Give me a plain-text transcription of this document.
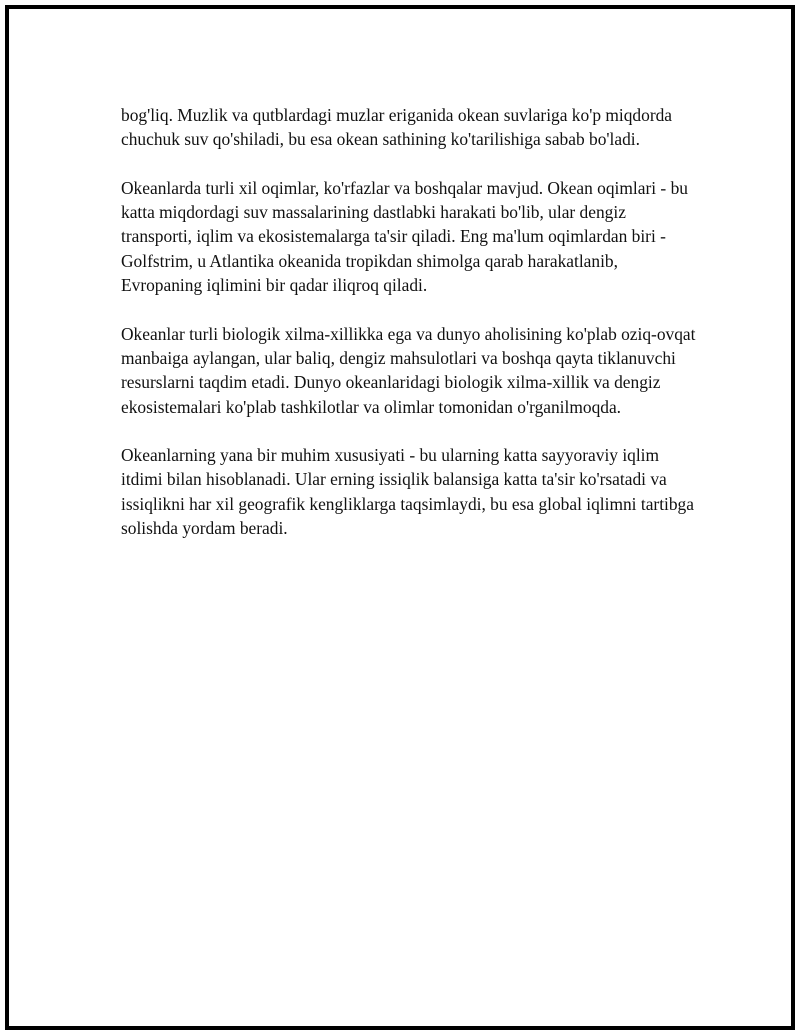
bog'liq. Muzlik va qutblardagi muzlar eriganida okean suvlariga ko'p miqdorda chuchuk suv qo'shiladi, bu esa okean sathining ko'tarilishiga sabab bo'ladi.

Okeanlarda turli xil oqimlar, ko'rfazlar va boshqalar mavjud. Okean oqimlari - bu katta miqdordagi suv massalarining dastlabki harakati bo'lib, ular dengiz transporti, iqlim va ekosistemalarga ta'sir qiladi. Eng ma'lum oqimlardan biri - Golfstrim, u Atlantika okeanida tropikdan shimolga qarab harakatlanib, Evropaning iqlimini bir qadar iliqroq qiladi.

Okeanlar turli biologik xilma-xillikka ega va dunyo aholisining ko'plab oziq-ovqat manbaiga aylangan, ular baliq, dengiz mahsulotlari va boshqa qayta tiklanuvchi resurslarni taqdim etadi. Dunyo okeanlaridagi biologik xilma-xillik va dengiz ekosistemalari ko'plab tashkilotlar va olimlar tomonidan o'rganilmoqda.

Okeanlarning yana bir muhim xususiyati - bu ularning katta sayyoraviy iqlim itdimi bilan hisoblanadi. Ular erning issiqlik balansiga katta ta'sir ko'rsatadi va issiqlikni har xil geografik kengliklarga taqsimlaydi, bu esa global iqlimni tartibga solishda yordam beradi.
